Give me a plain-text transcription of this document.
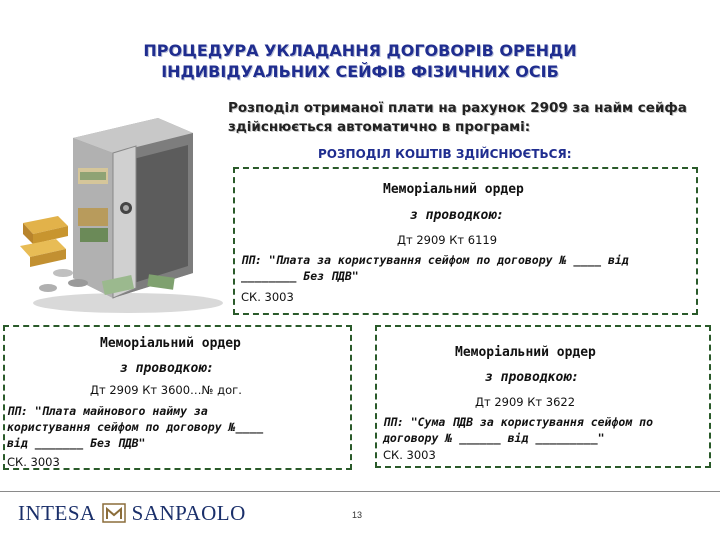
ПРОЦЕДУРА УКЛАДАННЯ ДОГОВОРІВ ОРЕНДИ
ІНДИВІДУАЛЬНИХ СЕЙФІВ ФІЗИЧНИХ ОСІБ
Розподіл отриманої плати на рахунок 2909 за найм сейфа
здійснюється автоматично в програмі:
РОЗПОДІЛ КОШТІВ ЗДІЙСНЮЄТЬСЯ:
Меморіальний ордер
з проводкою:
Дт 2909 Кт 6119
ПП: "Плата за користування сейфом по договору № ____ від
________ Без ПДВ"
СК. 3003
Меморіальний ордер
з проводкою:
Дт 2909 Кт 3600…№ дог.
ПП: "Плата майнового найму за
користування сейфом по договору №____
від _______ Без ПДВ"
СК. 3003
Меморіальний ордер
з проводкою:
Дт 2909 Кт 3622
ПП: "Сума ПДВ за користування сейфом по
договору № ______ від _________"
СК. 3003
INTESA SANPAOLO	13
